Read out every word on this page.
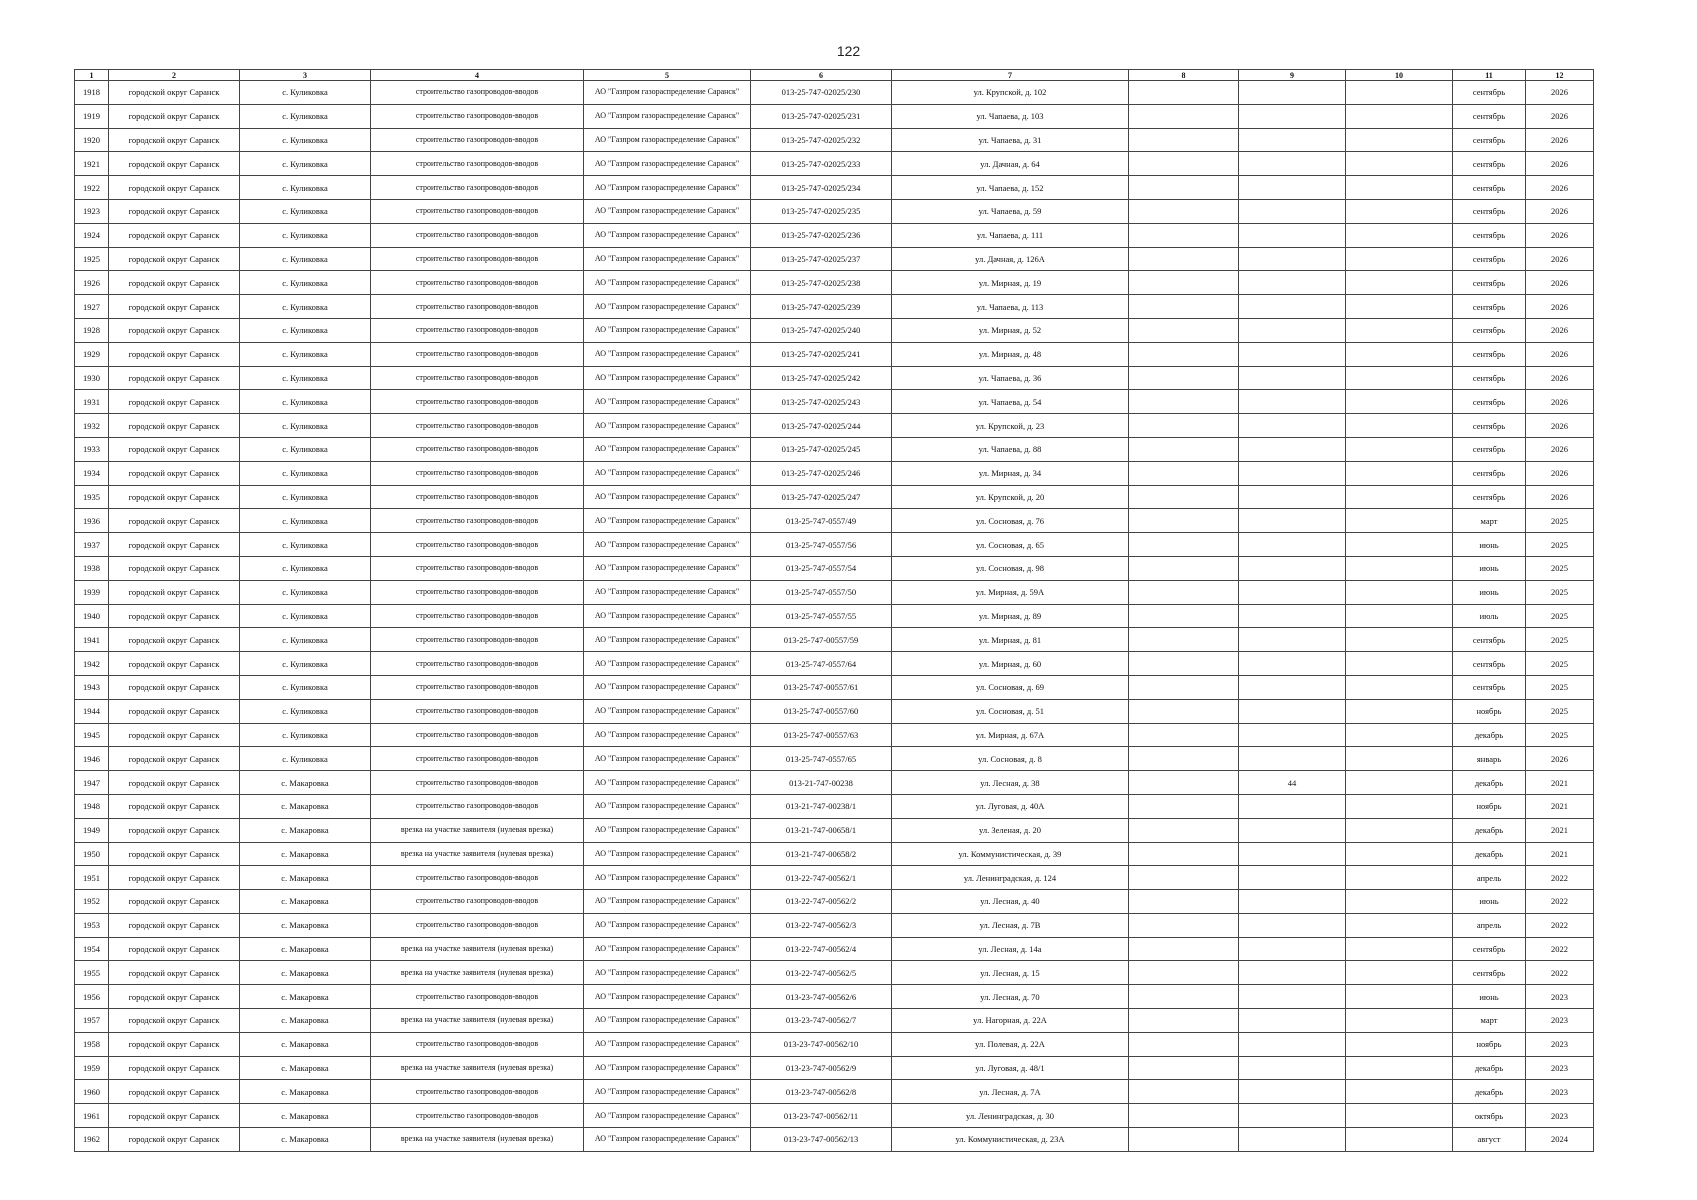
122
1	2	3	4	5	6	7	8	9	10	11	12
1918	городской округ Саранск	с. Куликовка	строительство газопроводов-вводов	АО "Газпром газораспределение Саранск"	013-25-747-02025/230	ул. Крупской, д. 102				сентябрь	2026
1919	городской округ Саранск	с. Куликовка	строительство газопроводов-вводов	АО "Газпром газораспределение Саранск"	013-25-747-02025/231	ул. Чапаева, д. 103				сентябрь	2026
1920	городской округ Саранск	с. Куликовка	строительство газопроводов-вводов	АО "Газпром газораспределение Саранск"	013-25-747-02025/232	ул. Чапаева, д. 31				сентябрь	2026
1921	городской округ Саранск	с. Куликовка	строительство газопроводов-вводов	АО "Газпром газораспределение Саранск"	013-25-747-02025/233	ул. Дачная, д. 64				сентябрь	2026
1922	городской округ Саранск	с. Куликовка	строительство газопроводов-вводов	АО "Газпром газораспределение Саранск"	013-25-747-02025/234	ул. Чапаева, д. 152				сентябрь	2026
1923	городской округ Саранск	с. Куликовка	строительство газопроводов-вводов	АО "Газпром газораспределение Саранск"	013-25-747-02025/235	ул. Чапаева, д. 59				сентябрь	2026
1924	городской округ Саранск	с. Куликовка	строительство газопроводов-вводов	АО "Газпром газораспределение Саранск"	013-25-747-02025/236	ул. Чапаева, д. 111				сентябрь	2026
1925	городской округ Саранск	с. Куликовка	строительство газопроводов-вводов	АО "Газпром газораспределение Саранск"	013-25-747-02025/237	ул. Дачная, д. 126А				сентябрь	2026
1926	городской округ Саранск	с. Куликовка	строительство газопроводов-вводов	АО "Газпром газораспределение Саранск"	013-25-747-02025/238	ул. Мирная, д. 19				сентябрь	2026
1927	городской округ Саранск	с. Куликовка	строительство газопроводов-вводов	АО "Газпром газораспределение Саранск"	013-25-747-02025/239	ул. Чапаева, д. 113				сентябрь	2026
1928	городской округ Саранск	с. Куликовка	строительство газопроводов-вводов	АО "Газпром газораспределение Саранск"	013-25-747-02025/240	ул. Мирная, д. 52				сентябрь	2026
1929	городской округ Саранск	с. Куликовка	строительство газопроводов-вводов	АО "Газпром газораспределение Саранск"	013-25-747-02025/241	ул. Мирная, д. 48				сентябрь	2026
1930	городской округ Саранск	с. Куликовка	строительство газопроводов-вводов	АО "Газпром газораспределение Саранск"	013-25-747-02025/242	ул. Чапаева, д. 36				сентябрь	2026
1931	городской округ Саранск	с. Куликовка	строительство газопроводов-вводов	АО "Газпром газораспределение Саранск"	013-25-747-02025/243	ул. Чапаева, д. 54				сентябрь	2026
1932	городской округ Саранск	с. Куликовка	строительство газопроводов-вводов	АО "Газпром газораспределение Саранск"	013-25-747-02025/244	ул. Крупской, д. 23				сентябрь	2026
1933	городской округ Саранск	с. Куликовка	строительство газопроводов-вводов	АО "Газпром газораспределение Саранск"	013-25-747-02025/245	ул. Чапаева, д. 88				сентябрь	2026
1934	городской округ Саранск	с. Куликовка	строительство газопроводов-вводов	АО "Газпром газораспределение Саранск"	013-25-747-02025/246	ул. Мирная, д. 34				сентябрь	2026
1935	городской округ Саранск	с. Куликовка	строительство газопроводов-вводов	АО "Газпром газораспределение Саранск"	013-25-747-02025/247	ул. Крупской, д. 20				сентябрь	2026
1936	городской округ Саранск	с. Куликовка	строительство газопроводов-вводов	АО "Газпром газораспределение Саранск"	013-25-747-0557/49	ул. Сосновая, д. 76				март	2025
1937	городской округ Саранск	с. Куликовка	строительство газопроводов-вводов	АО "Газпром газораспределение Саранск"	013-25-747-0557/56	ул. Сосновая, д. 65				июнь	2025
1938	городской округ Саранск	с. Куликовка	строительство газопроводов-вводов	АО "Газпром газораспределение Саранск"	013-25-747-0557/54	ул. Сосновая, д. 98				июнь	2025
1939	городской округ Саранск	с. Куликовка	строительство газопроводов-вводов	АО "Газпром газораспределение Саранск"	013-25-747-0557/50	ул. Мирная, д. 59А				июнь	2025
1940	городской округ Саранск	с. Куликовка	строительство газопроводов-вводов	АО "Газпром газораспределение Саранск"	013-25-747-0557/55	ул. Мирная, д. 89				июль	2025
1941	городской округ Саранск	с. Куликовка	строительство газопроводов-вводов	АО "Газпром газораспределение Саранск"	013-25-747-00557/59	ул. Мирная, д. 81				сентябрь	2025
1942	городской округ Саранск	с. Куликовка	строительство газопроводов-вводов	АО "Газпром газораспределение Саранск"	013-25-747-0557/64	ул. Мирная, д. 60				сентябрь	2025
1943	городской округ Саранск	с. Куликовка	строительство газопроводов-вводов	АО "Газпром газораспределение Саранск"	013-25-747-00557/61	ул. Сосновая, д. 69				сентябрь	2025
1944	городской округ Саранск	с. Куликовка	строительство газопроводов-вводов	АО "Газпром газораспределение Саранск"	013-25-747-00557/60	ул. Сосновая, д. 51				ноябрь	2025
1945	городской округ Саранск	с. Куликовка	строительство газопроводов-вводов	АО "Газпром газораспределение Саранск"	013-25-747-00557/63	ул. Мирная, д. 67А				декабрь	2025
1946	городской округ Саранск	с. Куликовка	строительство газопроводов-вводов	АО "Газпром газораспределение Саранск"	013-25-747-0557/65	ул. Сосновая, д. 8				январь	2026
1947	городской округ Саранск	с. Макаровка	строительство газопроводов-вводов	АО "Газпром газораспределение Саранск"	013-21-747-00238	ул. Лесная, д. 38		44		декабрь	2021
1948	городской округ Саранск	с. Макаровка	строительство газопроводов-вводов	АО "Газпром газораспределение Саранск"	013-21-747-00238/1	ул. Луговая, д. 40А				ноябрь	2021
1949	городской округ Саранск	с. Макаровка	врезка на участке заявителя (нулевая врезка)	АО "Газпром газораспределение Саранск"	013-21-747-00658/1	ул. Зеленая, д. 20				декабрь	2021
1950	городской округ Саранск	с. Макаровка	врезка на участке заявителя (нулевая врезка)	АО "Газпром газораспределение Саранск"	013-21-747-00658/2	ул. Коммунистическая, д. 39				декабрь	2021
1951	городской округ Саранск	с. Макаровка	строительство газопроводов-вводов	АО "Газпром газораспределение Саранск"	013-22-747-00562/1	ул. Ленинградская, д. 124				апрель	2022
1952	городской округ Саранск	с. Макаровка	строительство газопроводов-вводов	АО "Газпром газораспределение Саранск"	013-22-747-00562/2	ул. Лесная, д. 40				июнь	2022
1953	городской округ Саранск	с. Макаровка	строительство газопроводов-вводов	АО "Газпром газораспределение Саранск"	013-22-747-00562/3	ул. Лесная, д. 7В				апрель	2022
1954	городской округ Саранск	с. Макаровка	врезка на участке заявителя (нулевая врезка)	АО "Газпром газораспределение Саранск"	013-22-747-00562/4	ул. Лесная, д. 14а				сентябрь	2022
1955	городской округ Саранск	с. Макаровка	врезка на участке заявителя (нулевая врезка)	АО "Газпром газораспределение Саранск"	013-22-747-00562/5	ул. Лесная, д. 15				сентябрь	2022
1956	городской округ Саранск	с. Макаровка	строительство газопроводов-вводов	АО "Газпром газораспределение Саранск"	013-23-747-00562/6	ул. Лесная, д. 70				июнь	2023
1957	городской округ Саранск	с. Макаровка	врезка на участке заявителя (нулевая врезка)	АО "Газпром газораспределение Саранск"	013-23-747-00562/7	ул. Нагорная, д. 22А				март	2023
1958	городской округ Саранск	с. Макаровка	строительство газопроводов-вводов	АО "Газпром газораспределение Саранск"	013-23-747-00562/10	ул. Полевая, д. 22А				ноябрь	2023
1959	городской округ Саранск	с. Макаровка	врезка на участке заявителя (нулевая врезка)	АО "Газпром газораспределение Саранск"	013-23-747-00562/9	ул. Луговая, д. 48/1				декабрь	2023
1960	городской округ Саранск	с. Макаровка	строительство газопроводов-вводов	АО "Газпром газораспределение Саранск"	013-23-747-00562/8	ул. Лесная, д. 7А				декабрь	2023
1961	городской округ Саранск	с. Макаровка	строительство газопроводов-вводов	АО "Газпром газораспределение Саранск"	013-23-747-00562/11	ул. Ленинградская, д. 30				октябрь	2023
1962	городской округ Саранск	с. Макаровка	врезка на участке заявителя (нулевая врезка)	АО "Газпром газораспределение Саранск"	013-23-747-00562/13	ул. Коммунистическая, д. 23А				август	2024
